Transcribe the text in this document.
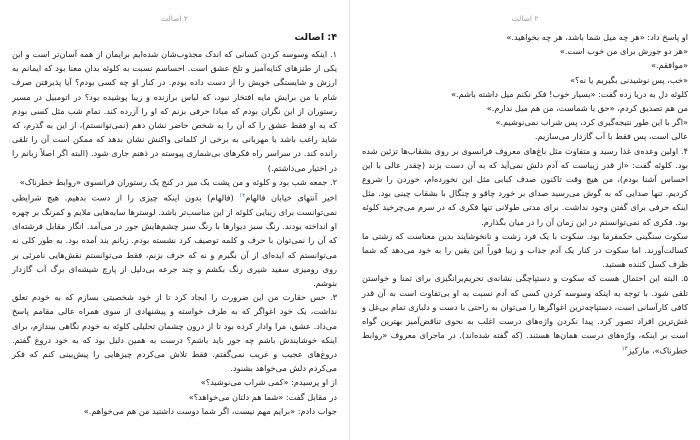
۲ اصالت

او پاسخ داد: «هر چه میل شما باشد، هر چه بخواهید.»

«هر دو جورش برای من خوب است.»

«موافقم.»

«خب، پس نوشیدنی بگیریم یا نه؟»

کلوئه دل به دریا زده گفت: «بسیار خوب! فکر نکنم میل داشته باشم.»

من هم تصدیق کردم، «حق با شماست، من هم میل ندارم.»

«اگر با این طور نتیجه‌گیری کرد، پس شراب نمی‌نوشیم.»

عالی است، پس فقط با آب گازدار می‌سازیم.

۴. اولین وعده‌ی غذا رسید و متفاوت مثل باغ‌های معروف فرانسوی بر روی بشقاب‌ها تزئین شده بود. کلوئه گفت: «از قدر زیباست که آدم دلش نمی‌آید که به آن دست بزند (چقدر عالی با این احساس آشنا بودم)، من هیچ وقت تاکنون صدف کبابی مثل این نخورده‌ام، خوردن را شروع کردیم. تنها صدایی که به گوش می‌رسید صدای بر خورد چاقو و چنگال با بشقاب چینی بود. مثل اینکه حرفی برای گفتن وجود نداشت. برای مدتی طولانی تنها فکری که در سرم می‌چرخید کلوئه بود. فکری که نمی‌توانستم در این زمان آن را در میان بگذارم.

سکوت سنگینی حکمفرما بود. سکوت با یک فرد زشت و نانخوشایند بدین معناست که زشتی ما کسالت‌آورند. اما سکوت در کنار یک آدم جذاب و زیبا فوراً این یقین را به خود می‌دهد که شما ظرف کسل کننده هستید.

۵. البته این احتمال هست که سکوت و دستپاچگی نشانه‌ی تحریم‌برانگیزی برای تمنا و خواستن تلقی شود. با توجه به اینکه وسوسه کردن کسی که آدم نسبت به او بی‌تفاوت است به آن قدر کافی کارآسانی است، دستپاچه‌ترین اغواگرها را می‌توان به راحتی با دست و دلبازی تمام بی‌غل و غش‌ترین افراد تصور کرد. پیدا نکردن واژه‌های درست اغلب به نحوی تناقض‌آمیز بهترین گواه است بر اینکه، واژه‌های درست همان‌ها هستند. (که گفته شده‌اند). در ماجرای معروف «روابط خطرناک»، مارکیز$^{۱۳}$

۲ اصالت
۴: اصالت

۱. اینکه وسوسه کردن کسانی که اندک مجذوب‌شان شده‌ایم برایمان از همه آسان‌تر است و این یکی از طنزهای کنایه‌آمیز و تلخ عشق است. احساسم نسبت به کلوئه بدان معنا بود که ایمانم به ارزش و شایستگی خویش را از دست داده بودم. در کنار او چه کسی بودم؟ آیا پذیرفتن صرف شام با من برایش مایه افتخار نبود، که لباس برازنده و زیبا پوشیده بود؟ در اتومبیل در مسیر رستوران از این نگران بودم که مبادا حرفی بزنم که او را آزرده کند. تمام شب مثل کسی بودم که به او فقط عشق را که آن را به شخص حاضر نشان دهم (نمی‌توانستم)، از این به گذرم، که شاید راغب باشد یا مهربانی به برخی از کلماتی واکنش نشان بدهد که ممکن است آن را تلقی رانده کند. در سراسر راه فکرهای بی‌شماری پیوسته در ذهنم جاری شود. (البته اگر اصلاً زبانم را در اختیار می‌داشتم.)

۲. جمعه شب بود و کلوئه و من پشت یک میز در کنج یک رستوران فرانسوی «روابط خطرناک»

اخیر آنتهای خیابان فالهام$^{۱۲}$ (فالهام) بدون اینکه چیزی را از دست بدهیم. هیچ شرایطی نمی‌توانست برای زیبایی کلوئه از این مناسب‌تر باشد. لوسترها سایه‌هایی ملایم و کمرنگ بر چهره او انداخته بودند. رنگ سبز دیوارها با رنگ سبز چشم‌هایش جور در می‌آمد. انگار مقابل فرشته‌ای که آن را نمی‌توان با حرف و کلمه توصیف کرد نشسته بودم. زبانم بند آمده بود. به طور کلی نه می‌توانستم که ایده‌ای از آن بگیرم و نه که حرف بزنم، فقط می‌توانستم نقش‌هایی نامرئی بر روی رومیزی سفید شیری رنگ بکشم و چند جرعه بی‌دلیل از پارچ شیشه‌ای برگ آب گازدار بنوشم.

۳. حس حقارت من این ضرورت را ایجاد کرد تا از خود شخصیتی بسازم که به خودم تعلق نداشت، یک خود اغواگر که به طرف خواسته و پیشنهادی از سوی همراه عالی مقامم پاسخ می‌داد. عشق، مرا وادار کرده بود تا از درون چشمان تحلیلی کلوئه به خودم نگاهی بیندازم، برای اینکه خوشایندش باشم چه جور باید باشم؟ درست به همین دلیل بود که به خود دروغ گفتم. دروغ‌های عجیب و غریب نمی‌گفتم. فقط تلاش می‌کردم چیزهایی را پیش‌بینی کنم که فکر می‌کردم دلش می‌خواهد بشنود.

از او پرسیدم: «کمی شراب می‌نوشید؟»

در مقابل گفت: «شما هم دلتان می‌خواهد؟»

جواب دادم: «برایم مهم نیست، اگر شما دوست داشتید من هم می‌خواهم.»
